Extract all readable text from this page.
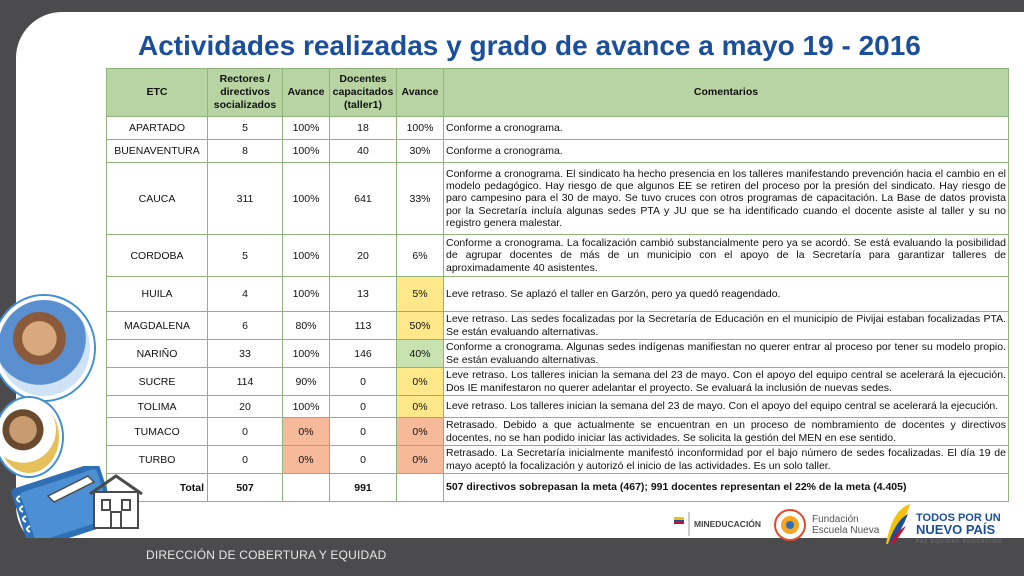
Actividades realizadas y grado de avance a mayo 19 - 2016
ETC	Rectores / directivos socializados	Avance	Docentes capacitados (taller1)	Avance	Comentarios
APARTADO	5	100%	18	100%	Conforme a cronograma.
BUENAVENTURA	8	100%	40	30%	Conforme a cronograma.
CAUCA	311	100%	641	33%	Conforme a cronograma. El sindicato ha hecho presencia en los talleres manifestando prevención hacia el cambio en el modelo pedagógico. Hay riesgo de que algunos EE se retiren del proceso por la presión del sindicato. Hay riesgo de paro campesino para el 30 de mayo. Se tuvo cruces con otros programas de capacitación. La Base de datos provista por la Secretaría incluía algunas sedes PTA y JU que se ha identificado cuando el docente asiste al taller y su no registro genera malestar.
CORDOBA	5	100%	20	6%	Conforme a cronograma. La focalización cambió substancialmente pero ya se acordó. Se está evaluando la posibilidad de agrupar docentes de más de un municipio con el apoyo de la Secretaría para garantizar talleres de aproximadamente 40 asistentes.
HUILA	4	100%	13	5%	Leve retraso. Se aplazó el taller en Garzón, pero ya quedó reagendado.
MAGDALENA	6	80%	113	50%	Leve retraso. Las sedes focalizadas por la Secretaría de Educación en el municipio de Pivijai estaban focalizadas PTA. Se están evaluando alternativas.
NARIÑO	33	100%	146	40%	Conforme a cronograma. Algunas sedes indígenas manifiestan no querer entrar al proceso por tener su modelo propio. Se están evaluando alternativas.
SUCRE	114	90%	0	0%	Leve retraso. Los talleres inician la semana del 23 de mayo. Con el apoyo del equipo central se acelerará la ejecución. Dos IE manifestaron no querer adelantar el proyecto. Se evaluará la inclusión de nuevas sedes.
TOLIMA	20	100%	0	0%	Leve retraso. Los talleres inician la semana del 23 de mayo. Con el apoyo del equipo central se acelerará la ejecución.
TUMACO	0	0%	0	0%	Retrasado. Debido a que actualmente se encuentran en un proceso de nombramiento de docentes y directivos docentes, no se han podido iniciar las actividades. Se solicita la gestión del MEN en ese sentido.
TURBO	0	0%	0	0%	Retrasado. La Secretaría inicialmente manifestó inconformidad por el bajo número de sedes focalizadas. El día 19 de mayo aceptó la focalización y autorizó el inicio de las actividades. Es un solo taller.
Total	507		991		507 directivos sobrepasan la meta (467); 991 docentes representan el 22% de la meta (4.405)
DIRECCIÓN DE COBERTURA Y EQUIDAD
MINEDUCACIÓN	Fundación
Escuela Nueva
TODOS POR UN
NUEVO PAÍS
PAZ EQUIDAD EDUCACIÓN
